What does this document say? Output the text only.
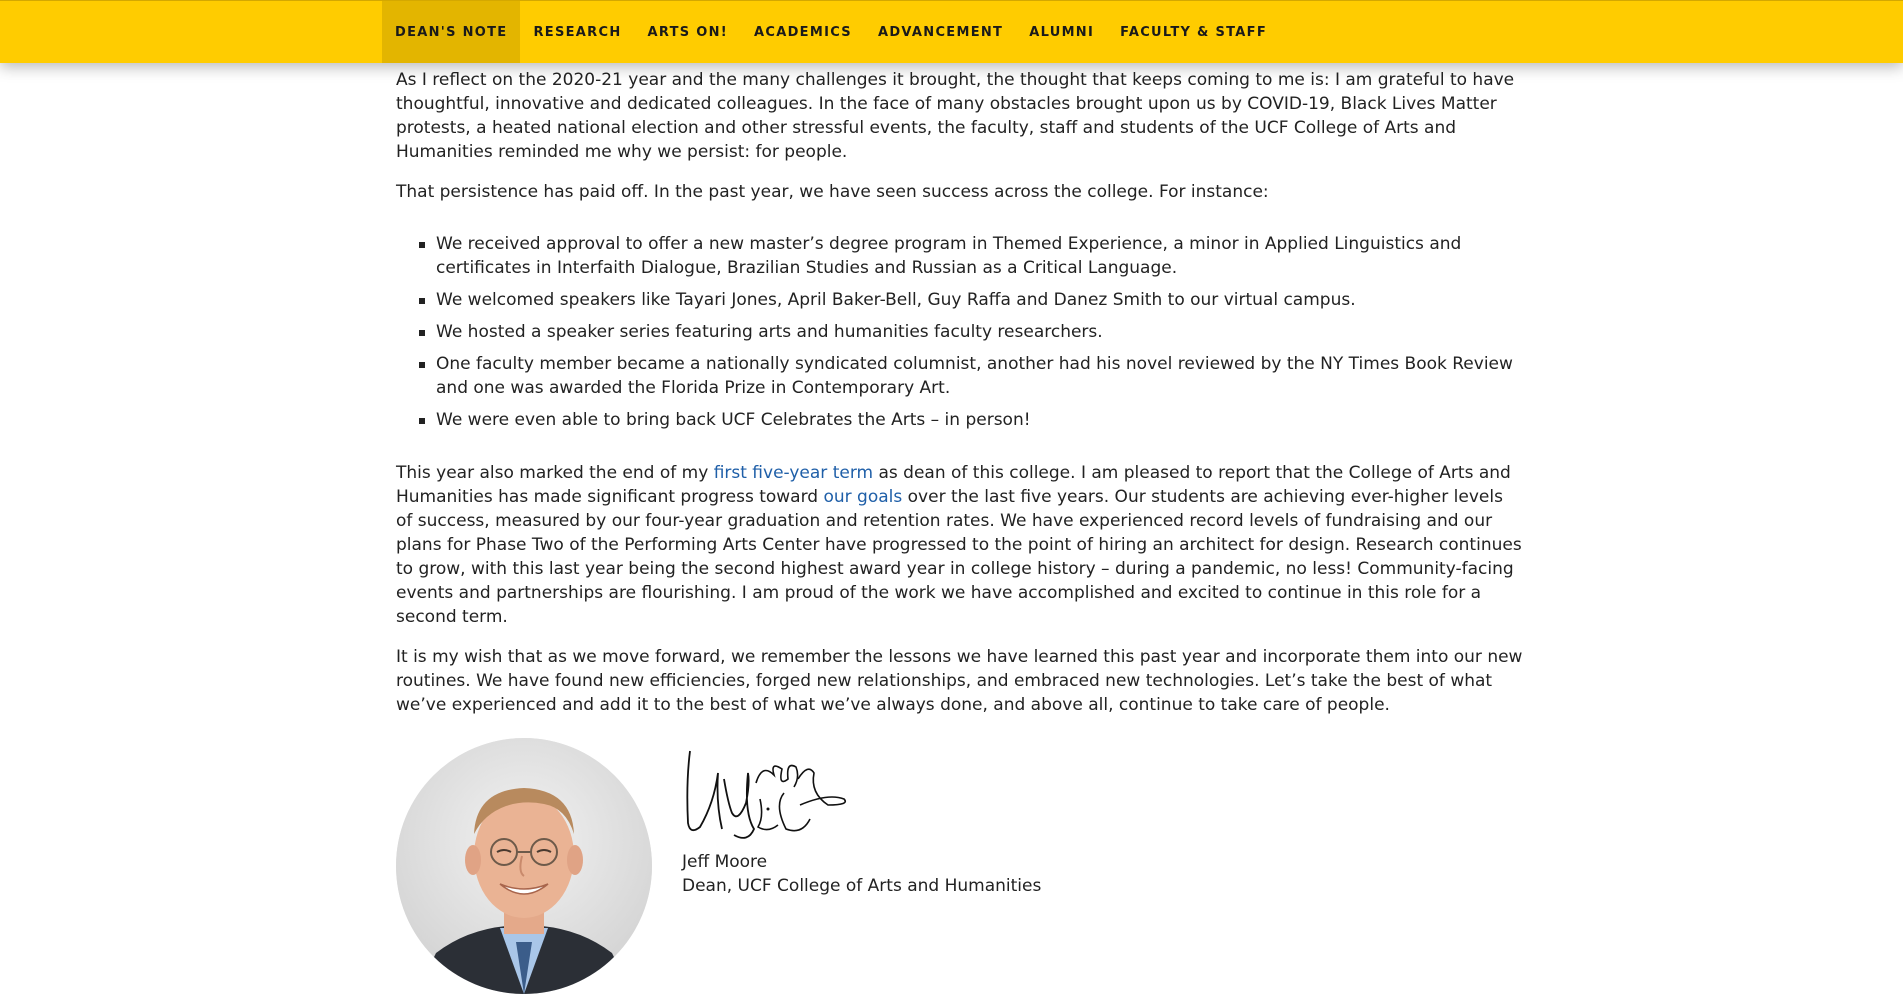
DEAN'S NOTE	RESEARCH	ARTS ON!	ACADEMICS	ADVANCEMENT	ALUMNI	FACULTY & STAFF

As I reflect on the 2020-21 year and the many challenges it brought, the thought that keeps coming to me is: I am grateful to have thoughtful, innovative and dedicated colleagues. In the face of many obstacles brought upon us by COVID-19, Black Lives Matter protests, a heated national election and other stressful events, the faculty, staff and students of the UCF College of Arts and Humanities reminded me why we persist: for people.

That persistence has paid off. In the past year, we have seen success across the college. For instance:

We received approval to offer a new master’s degree program in Themed Experience, a minor in Applied Linguistics and certificates in Interfaith Dialogue, Brazilian Studies and Russian as a Critical Language.
We welcomed speakers like Tayari Jones, April Baker-Bell, Guy Raffa and Danez Smith to our virtual campus.
We hosted a speaker series featuring arts and humanities faculty researchers.
One faculty member became a nationally syndicated columnist, another had his novel reviewed by the NY Times Book Review and one was awarded the Florida Prize in Contemporary Art.
We were even able to bring back UCF Celebrates the Arts – in person!

This year also marked the end of my first five-year term as dean of this college. I am pleased to report that the College of Arts and Humanities has made significant progress toward our goals over the last five years. Our students are achieving ever-higher levels of success, measured by our four-year graduation and retention rates. We have experienced record levels of fundraising and our plans for Phase Two of the Performing Arts Center have progressed to the point of hiring an architect for design. Research continues to grow, with this last year being the second highest award year in college history – during a pandemic, no less! Community-facing events and partnerships are flourishing. I am proud of the work we have accomplished and excited to continue in this role for a second term.

It is my wish that as we move forward, we remember the lessons we have learned this past year and incorporate them into our new routines. We have found new efficiencies, forged new relationships, and embraced new technologies. Let’s take the best of what we’ve experienced and add it to the best of what we’ve always done, and above all, continue to take care of people.

Jeff Moore
Dean, UCF College of Arts and Humanities
